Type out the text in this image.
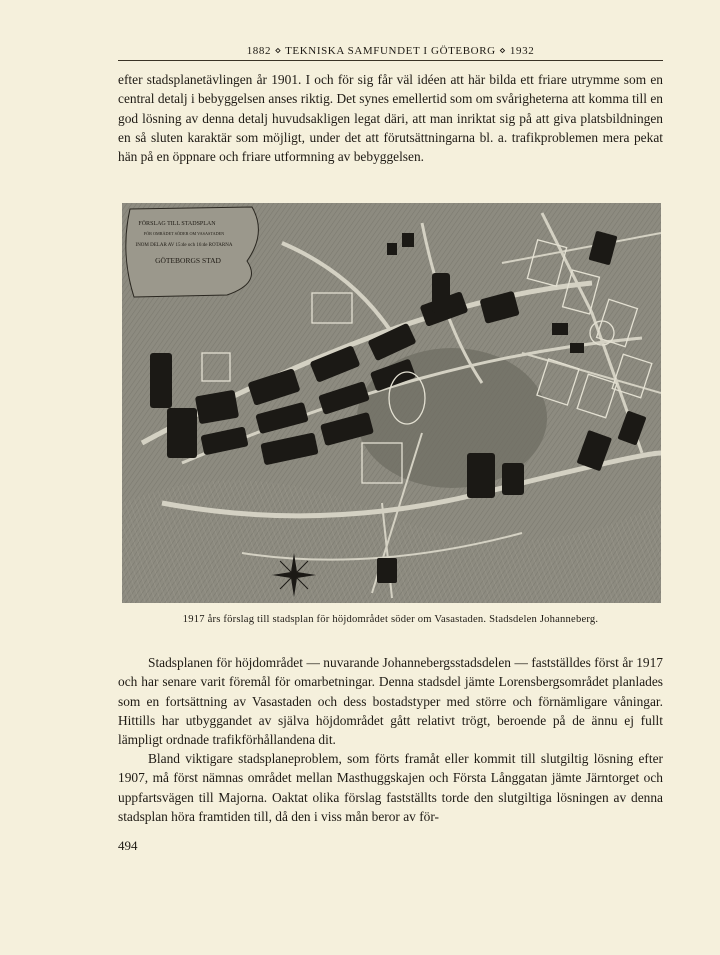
1882 ⋄ TEKNISKA SAMFUNDET I GÖTEBORG ⋄ 1932

efter stadsplanetävlingen år 1901. I och för sig får väl idéen att här bilda ett friare utrymme som en central detalj i bebyggelsen anses riktig. Det synes emellertid som om svårigheterna att komma till en god lösning av denna detalj huvudsakligen legat däri, att man inriktat sig på att giva platsbildningen en så sluten karaktär som möjligt, under det att förutsättningarna bl. a. trafikproblemen mera pekat hän på en öppnare och friare utformning av bebyggelsen.

FÖRSLAG TILL STADSPLAN
FÖR OMRÅDET SÖDER OM VASASTADEN
INOM DELAR AV 15:de och 16:de ROTARNA
GÖTEBORGS STAD
1917 års förslag till stadsplan för höjdområdet söder om Vasastaden. Stadsdelen Johanneberg.

Stadsplanen för höjdområdet — nuvarande Johannebergsstadsdelen — fastställdes först år 1917 och har senare varit föremål för omarbetningar. Denna stadsdel jämte Lorensbergsområdet planlades som en fortsättning av Vasastaden och dess bostadstyper med större och förnämligare våningar. Hittills har utbyggandet av själva höjdområdet gått relativt trögt, beroende på de ännu ej fullt lämpligt ordnade trafikförhållandena dit.

Bland viktigare stadsplaneproblem, som förts framåt eller kommit till slutgiltig lösning efter 1907, må först nämnas området mellan Masthuggskajen och Första Långgatan jämte Järntorget och uppfartsvägen till Majorna. Oaktat olika förslag fastställts torde den slutgiltiga lösningen av denna stadsplan höra framtiden till, då den i viss mån beror av för-

494
